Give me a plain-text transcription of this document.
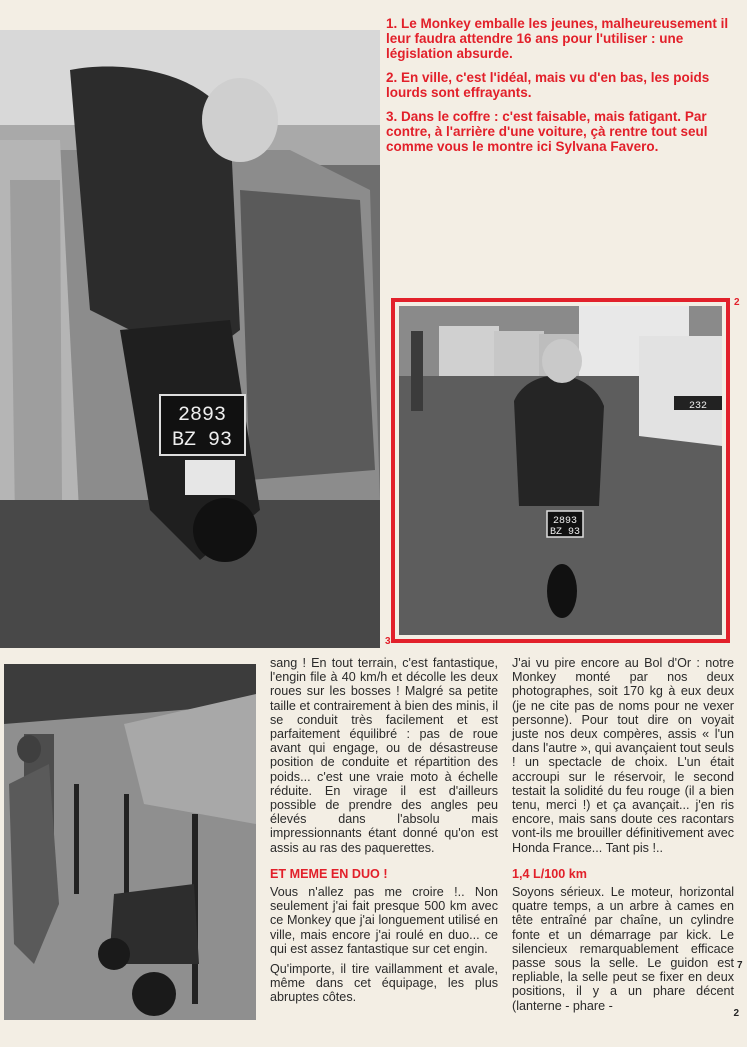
2893
BZ 93

1. Le Monkey emballe les jeunes, malheureusement il leur faudra attendre 16 ans pour l'utiliser : une législation absurde.

2. En ville, c'est l'idéal, mais vu d'en bas, les poids lourds sont effrayants.

3. Dans le coffre : c'est faisable, mais fatigant. Par contre, à l'arrière d'une voiture, çà rentre tout seul comme vous le montre ici Sylvana Favero.

232
2893
BZ 93
2
3

sang ! En tout terrain, c'est fantastique, l'engin file à 40 km/h et décolle les deux roues sur les bosses ! Malgré sa petite taille et contrairement à bien des minis, il se conduit très facilement et est parfaitement équilibré : pas de roue avant qui engage, ou de désastreuse position de conduite et répartition des poids... c'est une vraie moto à échelle réduite. En virage il est d'ailleurs possible de prendre des angles peu élevés dans l'absolu mais impressionnants étant donné qu'on est assis au ras des paquerettes.

ET MEME EN DUO !

Vous n'allez pas me croire !.. Non seulement j'ai fait presque 500 km avec ce Monkey que j'ai longuement utilisé en ville, mais encore j'ai roulé en duo... ce qui est assez fantastique sur cet engin.

Qu'importe, il tire vaillamment et avale, même dans cet équipage, les plus abruptes côtes.

J'ai vu pire encore au Bol d'Or : notre Monkey monté par nos deux photographes, soit 170 kg à eux deux (je ne cite pas de noms pour ne vexer personne). Pour tout dire on voyait juste nos deux compères, assis « l'un dans l'autre », qui avançaient tout seuls ! un spectacle de choix. L'un était accroupi sur le réservoir, le second testait la solidité du feu rouge (il a bien tenu, merci !) et ça avançait... j'en ris encore, mais sans doute ces racontars vont-ils me brouiller définitivement avec Honda France... Tant pis !..

1,4 L/100 km

Soyons sérieux. Le moteur, horizontal quatre temps, a un arbre à cames en tête entraîné par chaîne, un cylindre fonte et un démarrage par kick. Le silencieux remarquablement efficace passe sous la selle. Le guidon est repliable, la selle peut se fixer en deux positions, il y a un phare décent (lanterne - phare -

7
2
